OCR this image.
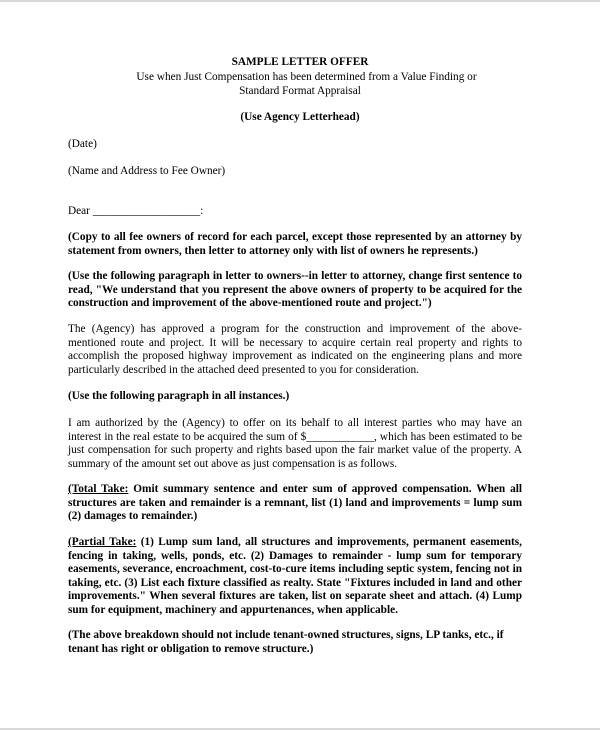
SAMPLE LETTER OFFER
Use when Just Compensation has been determined from a Value Finding or
Standard Format Appraisal
(Use Agency Letterhead)

(Date)

(Name and Address to Fee Owner)

Dear ___________________:

(Copy to all fee owners of record for each parcel, except those represented by an attorney by statement from owners, then letter to attorney only with list of owners he represents.)

(Use the following paragraph in letter to owners--in letter to attorney, change first sentence to read, "We understand that you represent the above owners of property to be acquired for the construction and improvement of the above-mentioned route and project.")

The (Agency) has approved a program for the construction and improvement of the above-mentioned route and project. It will be necessary to acquire certain real property and rights to accomplish the proposed highway improvement as indicated on the engineering plans and more particularly described in the attached deed presented to you for consideration.

(Use the following paragraph in all instances.)

I am authorized by the (Agency) to offer on its behalf to all interest parties who may have an interest in the real estate to be acquired the sum of $____________, which has been estimated to be just compensation for such property and rights based upon the fair market value of the property. A summary of the amount set out above as just compensation is as follows.

(Total Take: Omit summary sentence and enter sum of approved compensation. When all structures are taken and remainder is a remnant, list (1) land and improvements = lump sum (2) damages to remainder.)

(Partial Take: (1) Lump sum land, all structures and improvements, permanent easements, fencing in taking, wells, ponds, etc. (2) Damages to remainder - lump sum for temporary easements, severance, encroachment, cost-to-cure items including septic system, fencing not in taking, etc. (3) List each fixture classified as realty. State "Fixtures included in land and other improvements." When several fixtures are taken, list on separate sheet and attach. (4) Lump sum for equipment, machinery and appurtenances, when applicable.

(The above breakdown should not include tenant-owned structures, signs, LP tanks, etc., if tenant has right or obligation to remove structure.)
